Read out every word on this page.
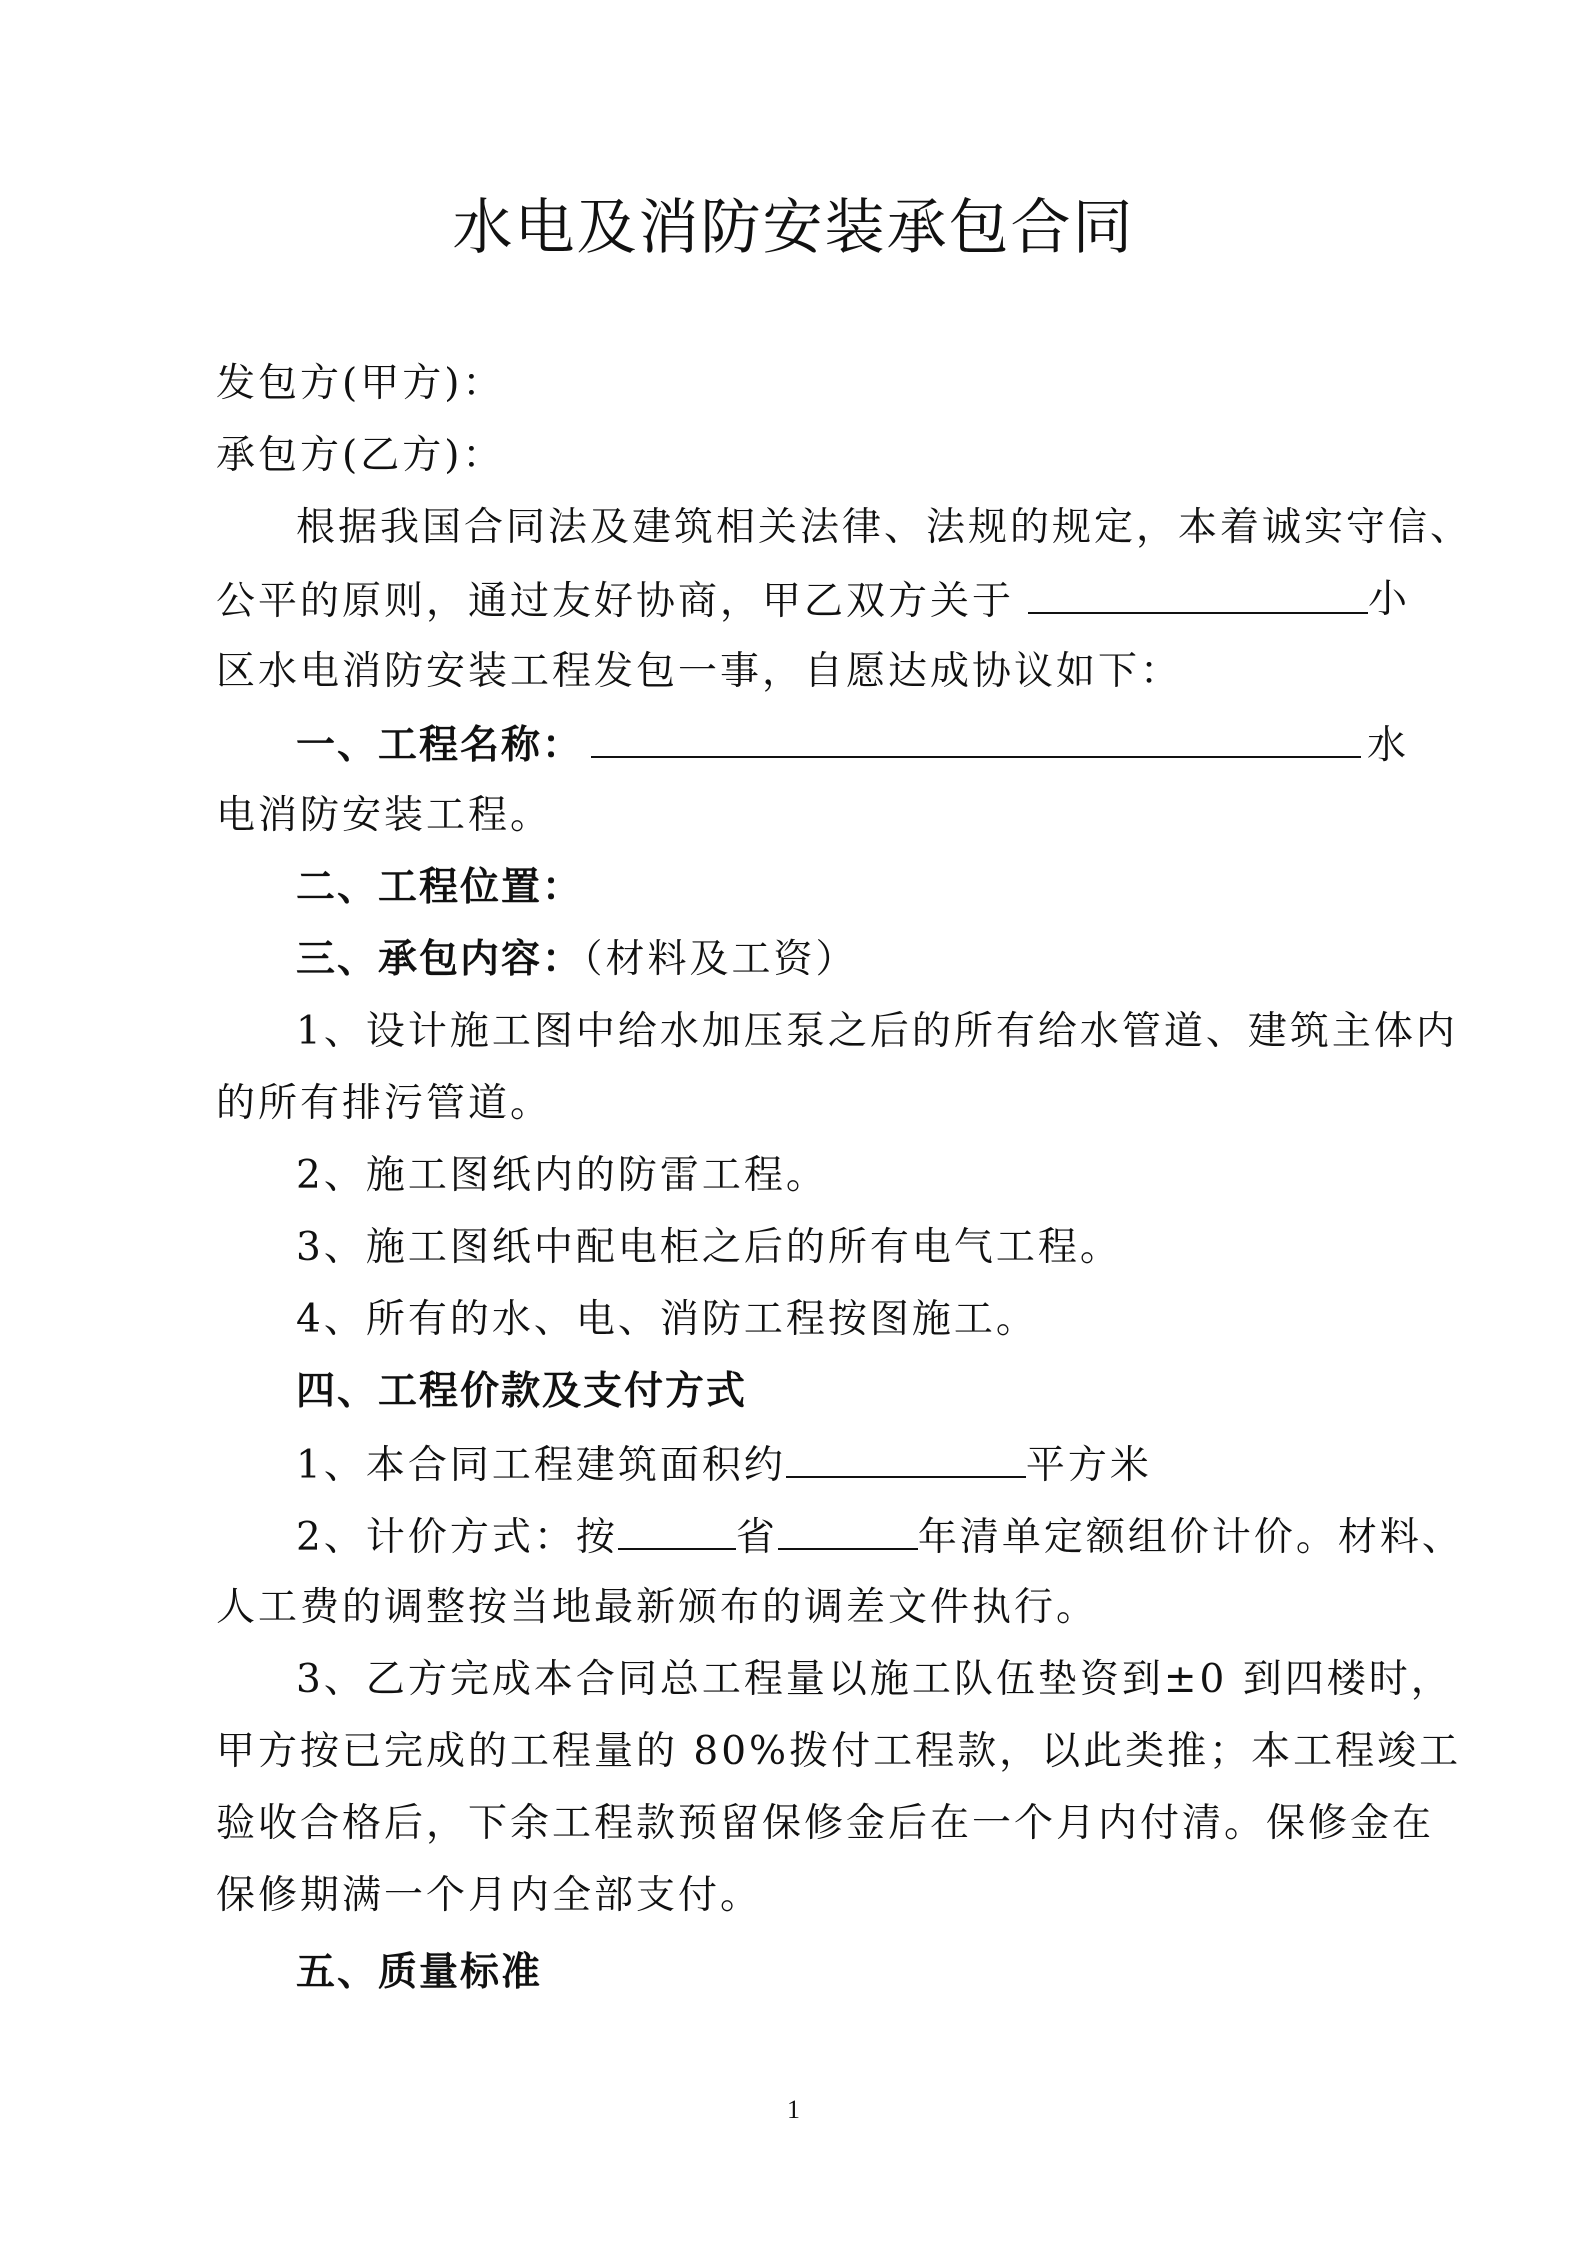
水电及消防安装承包合同
发包方(甲方)：
承包方(乙方)：
根据我国合同法及建筑相关法律、法规的规定，本着诚实守信、
公平的原则，通过友好协商，甲乙双方关于	小
区水电消防安装工程发包一事，自愿达成协议如下：
一、工程名称：	水
电消防安装工程。
二、工程位置：
三、承包内容：（材料及工资）
1、设计施工图中给水加压泵之后的所有给水管道、建筑主体内
的所有排污管道。
2、施工图纸内的防雷工程。
3、施工图纸中配电柜之后的所有电气工程。
4、所有的水、电、消防工程按图施工。
四、工程价款及支付方式
1、本合同工程建筑面积约	平方米
2、计价方式：按	省	年清单定额组价计价。材料、
人工费的调整按当地最新颁布的调差文件执行。
3、乙方完成本合同总工程量以施工队伍垫资到±0 到四楼时，
甲方按已完成的工程量的 80%拨付工程款，以此类推；本工程竣工
验收合格后，下余工程款预留保修金后在一个月内付清。保修金在
保修期满一个月内全部支付。
五、质量标准
1
